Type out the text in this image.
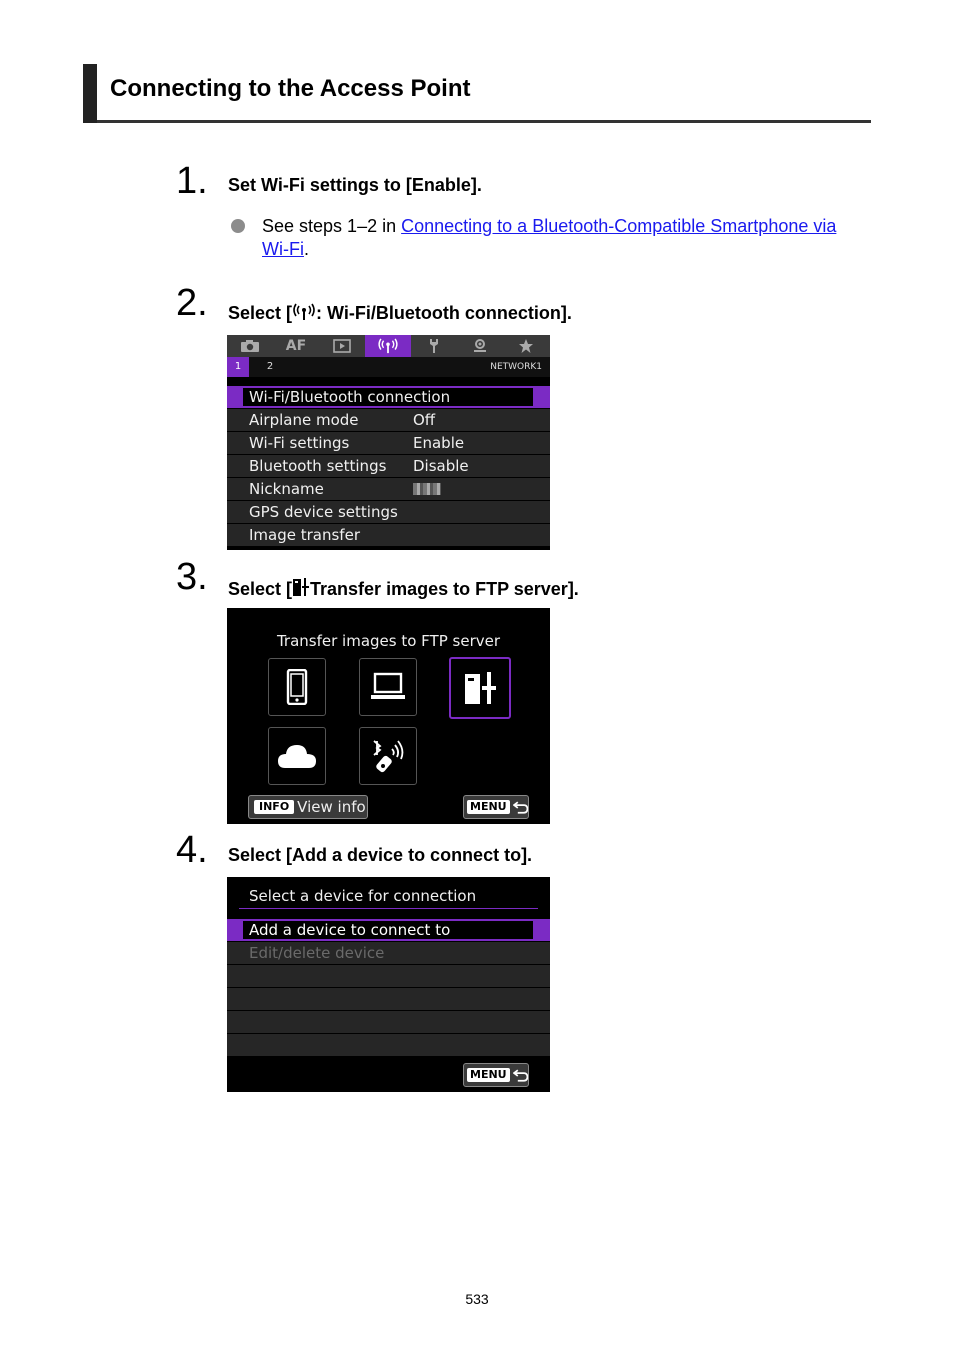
Connecting to the Access Point
1. Set Wi-Fi settings to [Enable].
See steps 1–2 in Connecting to a Bluetooth-Compatible Smartphone via Wi-Fi.
2. Select [ : Wi-Fi/Bluetooth connection].
AF
1	2	NETWORK1
Wi-Fi/Bluetooth connection
Airplane mode	Off
Wi-Fi settings	Enable
Bluetooth settings Disable
Nickname
GPS device settings
Image transfer
3. Select [ Transfer images to FTP server].
Transfer images to FTP server
INFO View info	MENU
4. Select [Add a device to connect to].
Select a device for connection
Add a device to connect to
Edit/delete device
MENU
533
